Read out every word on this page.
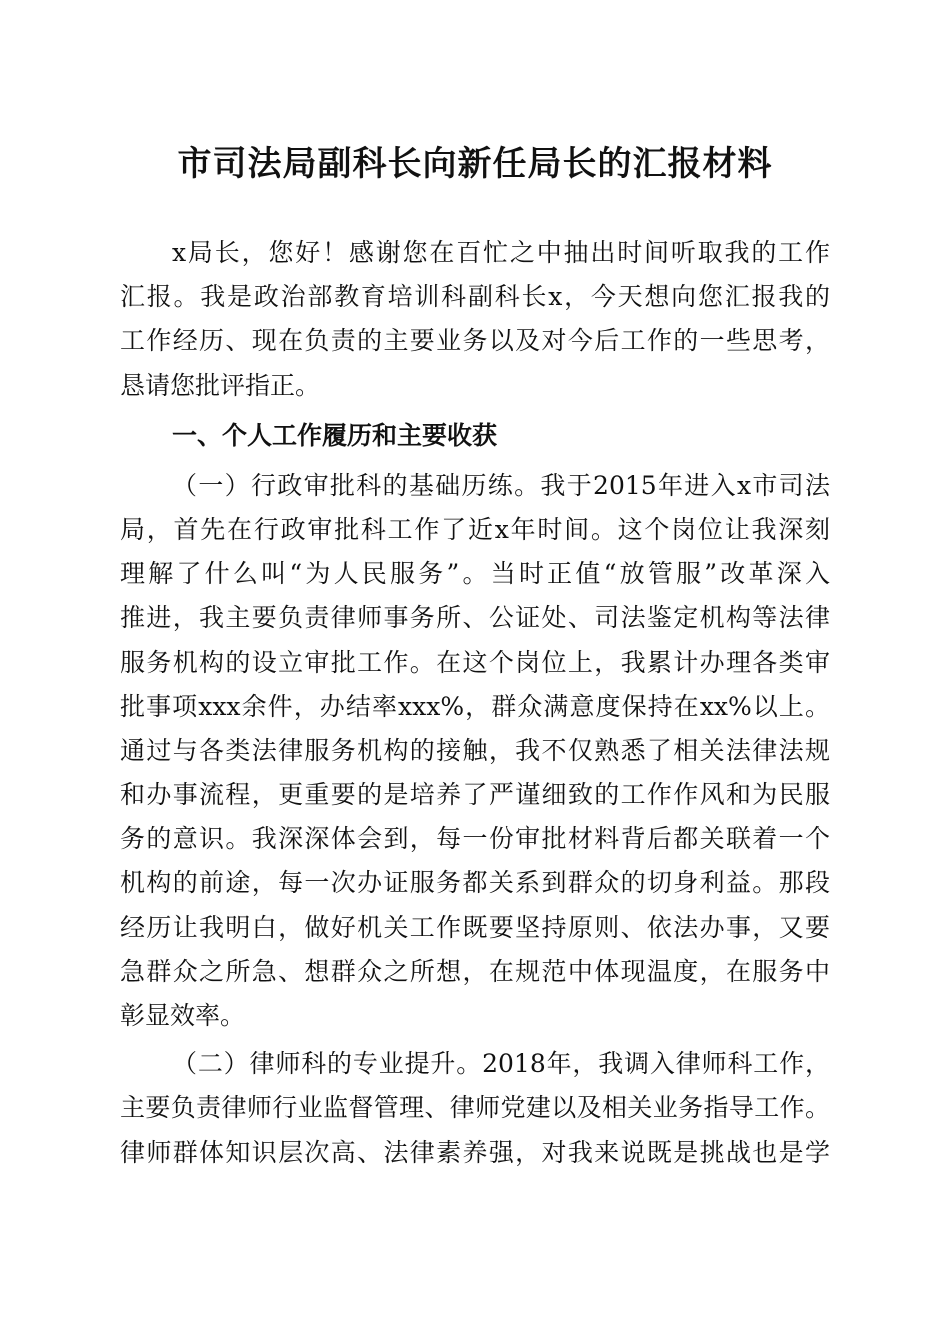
市司法局副科长向新任局长的汇报材料
x局长，您好！感谢您在百忙之中抽出时间听取我的工作
汇报。我是政治部教育培训科副科长x，今天想向您汇报我的
工作经历、现在负责的主要业务以及对今后工作的一些思考，
恳请您批评指正。
一、个人工作履历和主要收获
（一）行政审批科的基础历练。我于2015年进入x市司法
局，首先在行政审批科工作了近x年时间。这个岗位让我深刻
理解了什么叫“为人民服务”。当时正值“放管服”改革深入
推进，我主要负责律师事务所、公证处、司法鉴定机构等法律
服务机构的设立审批工作。在这个岗位上，我累计办理各类审
批事项xxx余件，办结率xxx%，群众满意度保持在xx%以上。
通过与各类法律服务机构的接触，我不仅熟悉了相关法律法规
和办事流程，更重要的是培养了严谨细致的工作作风和为民服
务的意识。我深深体会到，每一份审批材料背后都关联着一个
机构的前途，每一次办证服务都关系到群众的切身利益。那段
经历让我明白，做好机关工作既要坚持原则、依法办事，又要
急群众之所急、想群众之所想，在规范中体现温度，在服务中
彰显效率。
（二）律师科的专业提升。2018年，我调入律师科工作，
主要负责律师行业监督管理、律师党建以及相关业务指导工作。
律师群体知识层次高、法律素养强，对我来说既是挑战也是学
